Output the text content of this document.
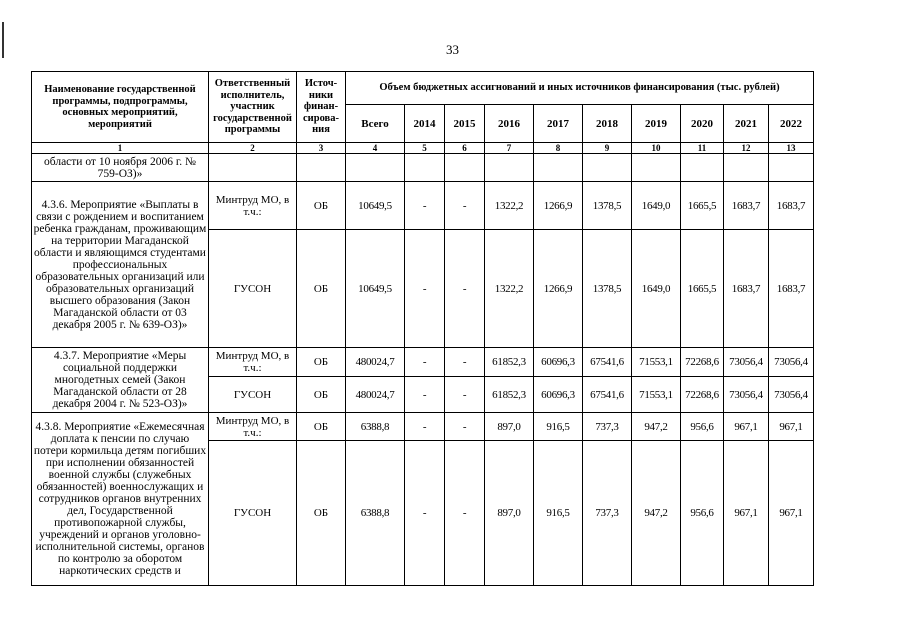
33
Наименование государственной программы, подпрограммы, основных мероприятий, мероприятий	Ответственный исполнитель, участник государственной программы	Источ-ники финан-сирова-ния	Объем бюджетных ассигнований и иных источников финансирования (тыс. рублей)									
			Всего	2014	2015	2016	2017	2018	2019	2020	2021	2022
1	2	3	4	5	6	7	8	9	10	11	12	13
области от 10 ноября 2006 г. № 759-ОЗ)»												
4.3.6. Мероприятие «Выплаты в связи с рождением и воспитанием ребенка гражданам, проживающим на территории Магаданской области и являющимся студентами профессиональных образовательных организаций или образовательных организаций высшего образования (Закон Магаданской области от 03 декабря 2005 г. № 639-ОЗ)»	Минтруд МО, в т.ч.:	ОБ	10649,5	-	-	1322,2	1266,9	1378,5	1649,0	1665,5	1683,7	1683,7
	ГУСОН	ОБ	10649,5	-	-	1322,2	1266,9	1378,5	1649,0	1665,5	1683,7	1683,7
4.3.7. Мероприятие «Меры социальной поддержки многодетных семей (Закон Магаданской области от 28 декабря 2004 г. № 523-ОЗ)»	Минтруд МО, в т.ч.:	ОБ	480024,7	-	-	61852,3	60696,3	67541,6	71553,1	72268,6	73056,4	73056,4
	ГУСОН	ОБ	480024,7	-	-	61852,3	60696,3	67541,6	71553,1	72268,6	73056,4	73056,4
4.3.8. Мероприятие «Ежемесячная доплата к пенсии по случаю потери кормильца детям погибших при исполнении обязанностей военной службы (служебных обязанностей) военнослужащих и сотрудников органов внутренних дел, Государственной противопожарной службы, учреждений и органов уголовно-исполнительной системы, органов по контролю за оборотом наркотических средств и	Минтруд МО, в т.ч.:	ОБ	6388,8	-	-	897,0	916,5	737,3	947,2	956,6	967,1	967,1
	ГУСОН	ОБ	6388,8	-	-	897,0	916,5	737,3	947,2	956,6	967,1	967,1
